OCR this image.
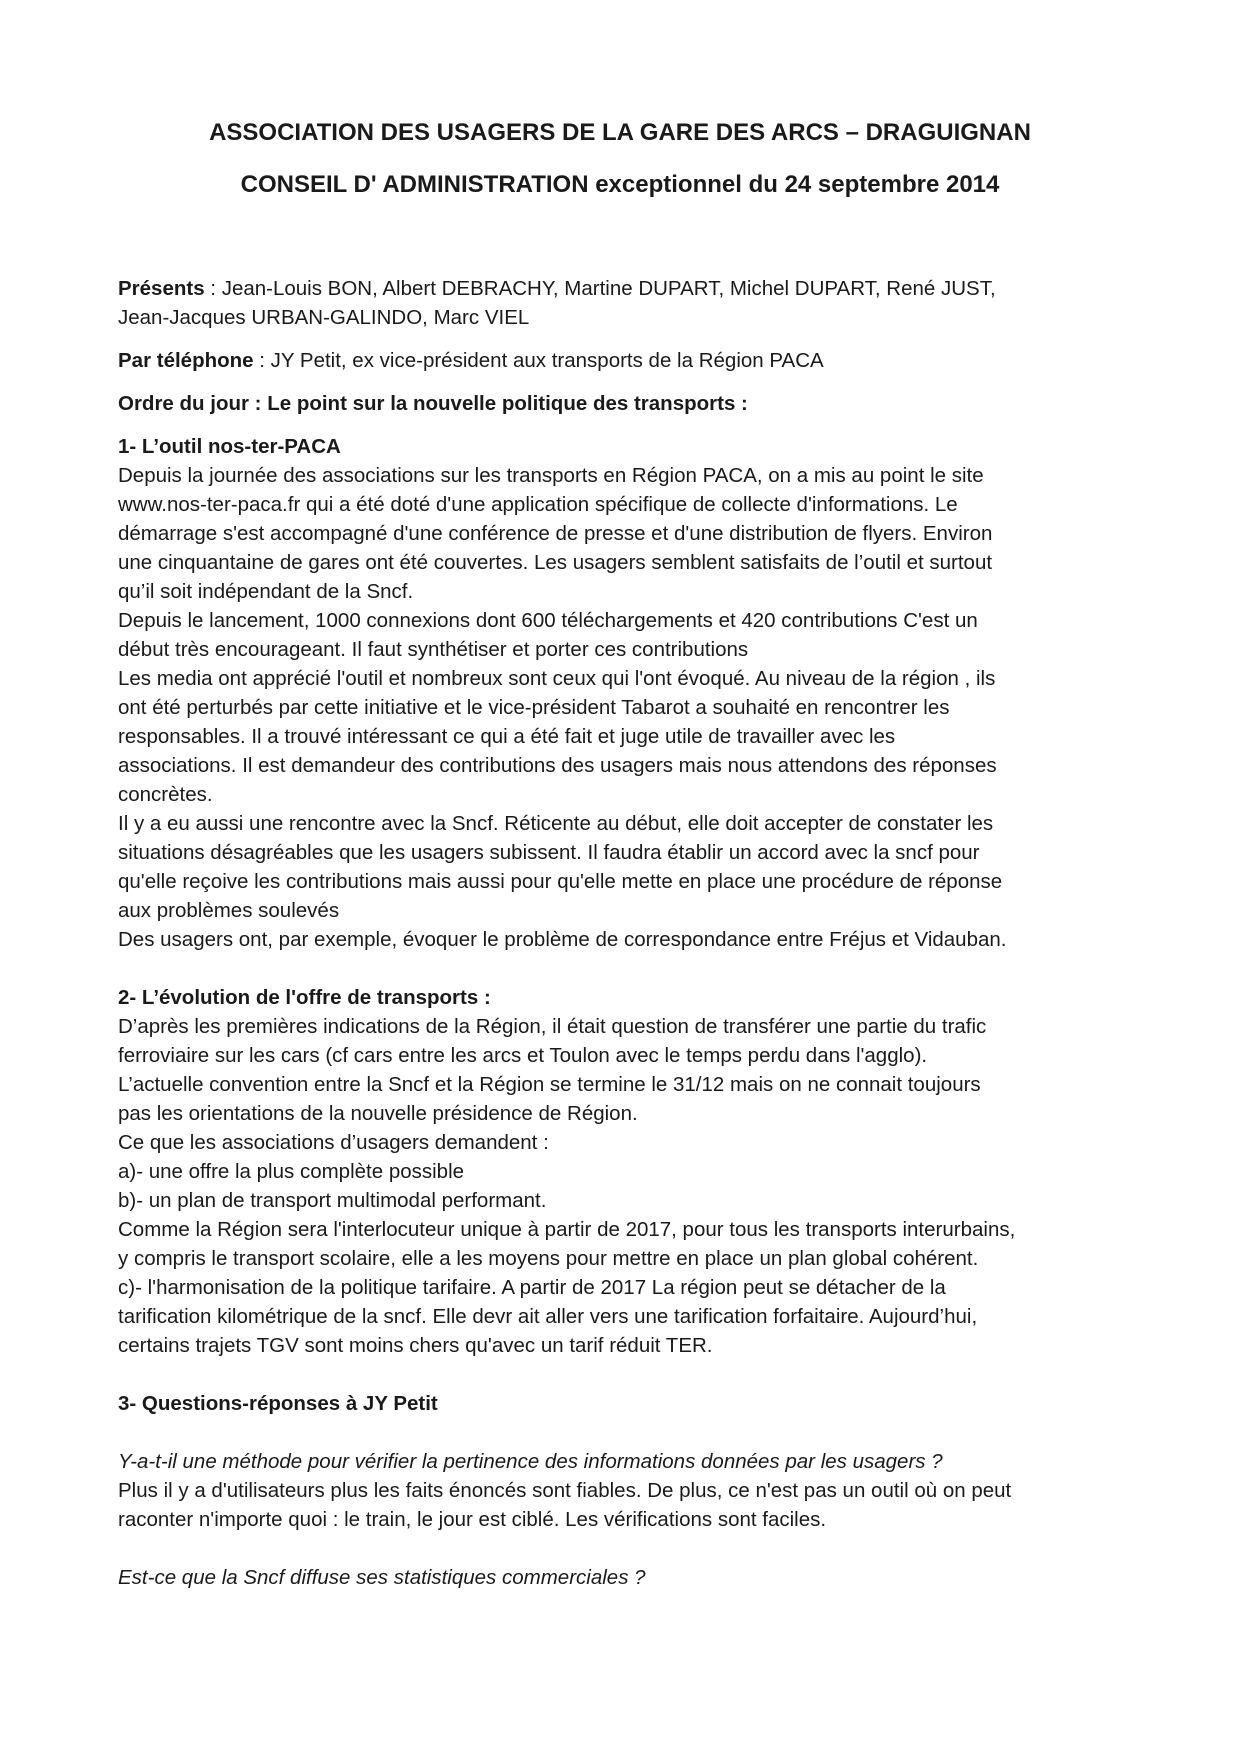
ASSOCIATION DES USAGERS DE LA GARE DES ARCS – DRAGUIGNAN
CONSEIL D' ADMINISTRATION exceptionnel du 24 septembre 2014

Présents : Jean-Louis BON, Albert DEBRACHY, Martine DUPART, Michel DUPART, René JUST,

Jean-Jacques URBAN-GALINDO, Marc VIEL

Par téléphone : JY Petit, ex vice-président aux transports de la Région PACA

Ordre du jour : Le point sur la nouvelle politique des transports :

1- L’outil nos-ter-PACA

Depuis la journée des associations sur les transports en Région PACA, on a mis au point le site

www.nos-ter-paca.fr qui a été doté d'une application spécifique de collecte d'informations. Le

démarrage s'est accompagné d'une conférence de presse et d'une distribution de flyers. Environ

une cinquantaine de gares ont été couvertes. Les usagers semblent satisfaits de l’outil et surtout

qu’il soit indépendant de la Sncf.

Depuis le lancement, 1000 connexions dont 600 téléchargements et 420 contributions C'est un

début très encourageant. Il faut synthétiser et porter ces contributions

Les media ont apprécié l'outil et nombreux sont ceux qui l'ont évoqué. Au niveau de la région , ils

ont été perturbés par cette initiative et le vice-président Tabarot a souhaité en rencontrer les

responsables. Il a trouvé intéressant ce qui a été fait et juge utile de travailler avec les

associations. Il est demandeur des contributions des usagers mais nous attendons des réponses

concrètes.

Il y a eu aussi une rencontre avec la Sncf. Réticente au début, elle doit accepter de constater les

situations désagréables que les usagers subissent. Il faudra établir un accord avec la sncf pour

qu'elle reçoive les contributions mais aussi pour qu'elle mette en place une procédure de réponse

aux problèmes soulevés

Des usagers ont, par exemple, évoquer le problème de correspondance entre Fréjus et Vidauban.

2- L’évolution de l'offre de transports :

D’après les premières indications de la Région, il était question de transférer une partie du trafic

ferroviaire sur les cars (cf cars entre les arcs et Toulon avec le temps perdu dans l'agglo).

L’actuelle convention entre la Sncf et la Région se termine le 31/12 mais on ne connait toujours

pas les orientations de la nouvelle présidence de Région.

Ce que les associations d’usagers demandent :

a)- une offre la plus complète possible

b)- un plan de transport multimodal performant.

Comme la Région sera l'interlocuteur unique à partir de 2017, pour tous les transports interurbains,

y compris le transport scolaire, elle a les moyens pour mettre en place un plan global cohérent.

c)- l'harmonisation de la politique tarifaire. A partir de 2017 La région peut se détacher de la

tarification kilométrique de la sncf. Elle devr ait aller vers une tarification forfaitaire. Aujourd’hui,

certains trajets TGV sont moins chers qu'avec un tarif réduit TER.

3- Questions-réponses à JY Petit

Y-a-t-il une méthode pour vérifier la pertinence des informations données par les usagers ?

Plus il y a d'utilisateurs plus les faits énoncés sont fiables. De plus, ce n'est pas un outil où on peut

raconter n'importe quoi : le train, le jour est ciblé. Les vérifications sont faciles.

Est-ce que la Sncf diffuse ses statistiques commerciales ?
